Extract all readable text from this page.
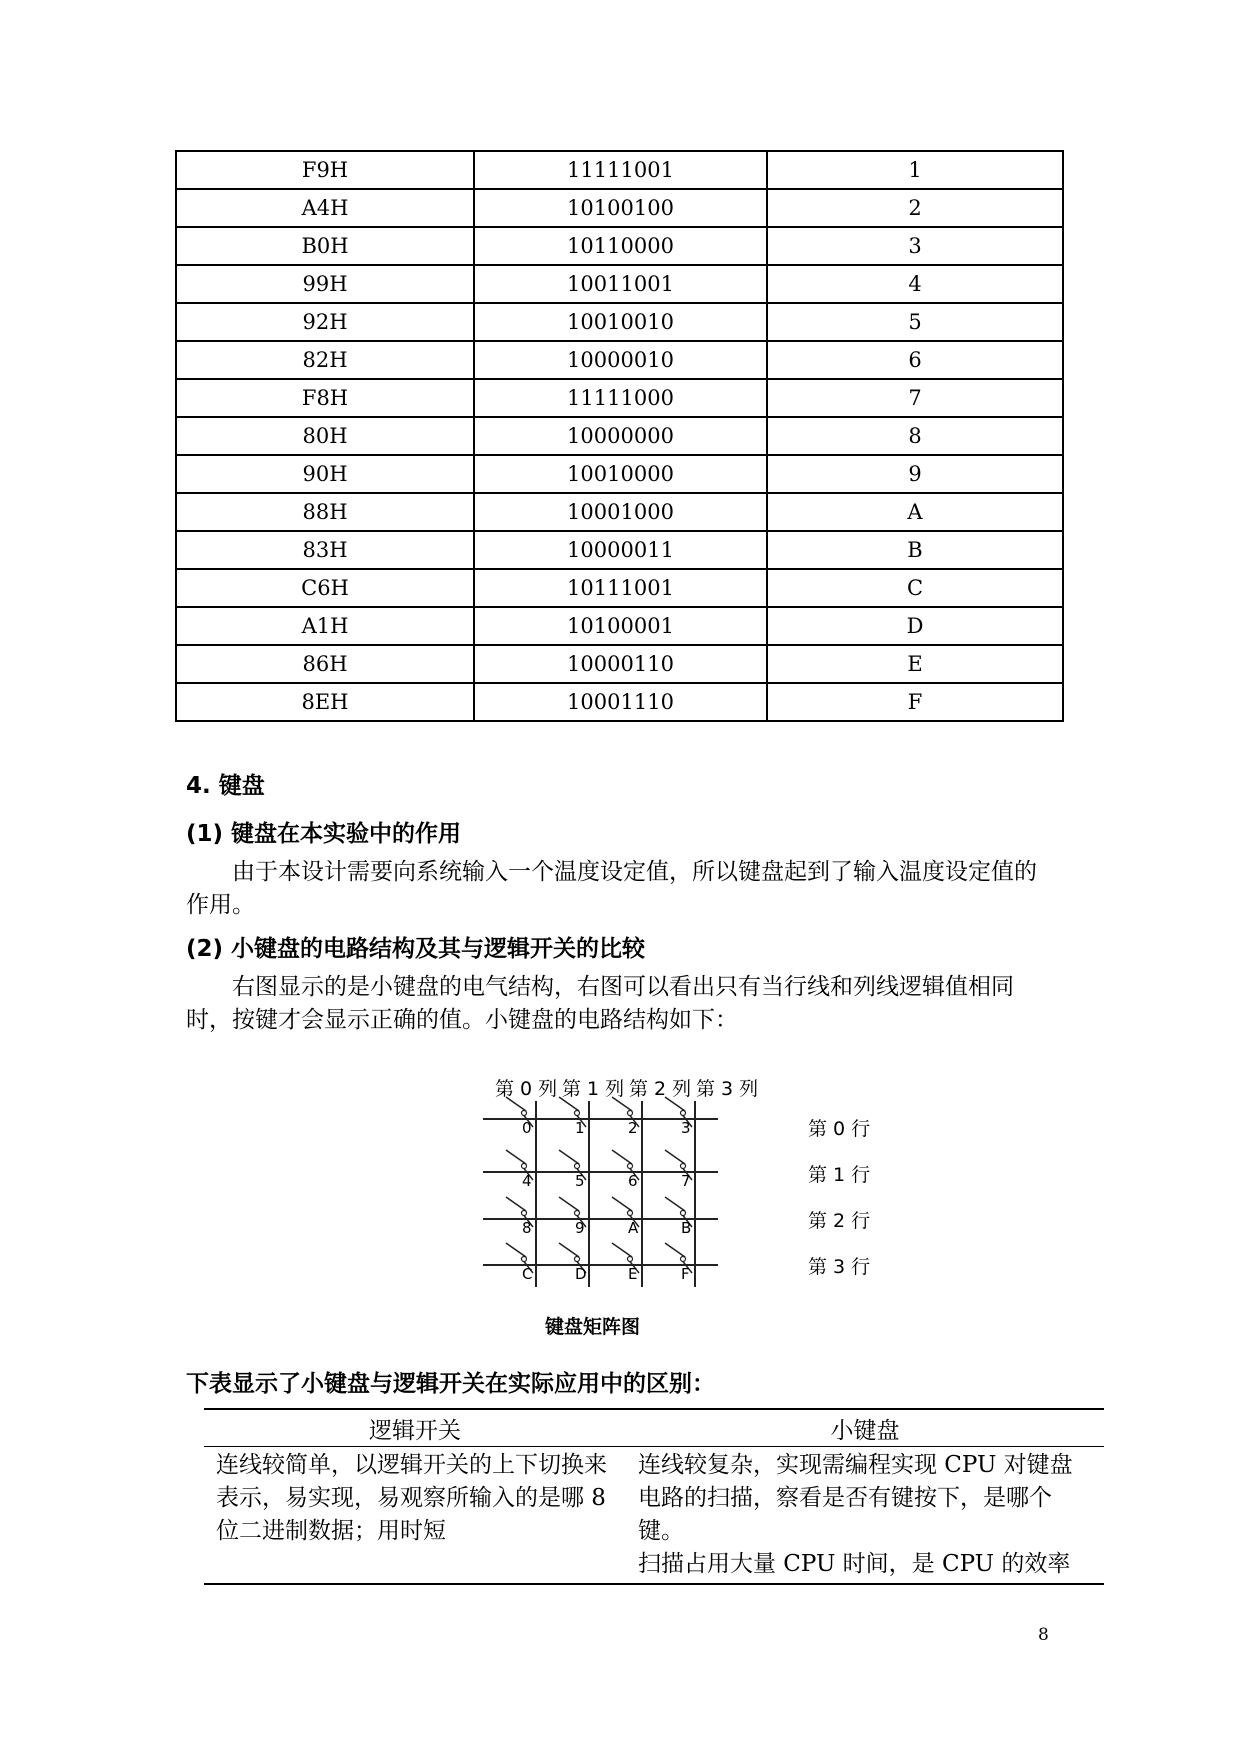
F9H	11111001	1
A4H	10100100	2
B0H	10110000	3
99H	10011001	4
92H	10010010	5
82H	10000010	6
F8H	11111000	7
80H	10000000	8
90H	10010000	9
88H	10001000	A
83H	10000011	B
C6H	10111001	C
A1H	10100001	D
86H	10000110	E
8EH	10001110	F
4. 键盘
(1) 键盘在本实验中的作用
由于本设计需要向系统输入一个温度设定值，所以键盘起到了输入温度设定值的作用。
(2) 小键盘的电路结构及其与逻辑开关的比较
右图显示的是小键盘的电气结构，右图可以看出只有当行线和列线逻辑值相同时，按键才会显示正确的值。小键盘的电路结构如下：
第 0 列 第 1 列 第 2 列 第 3 列
第 0 行
第 1 行
第 2 行
第 3 行
0	1	2	3
4	5	6	7
8	9	A	B
C	D	E	F
键盘矩阵图
下表显示了小键盘与逻辑开关在实际应用中的区别：
逻辑开关	小键盘
连线较简单，以逻辑开关的上下切换来表示，易实现，易观察所输入的是哪 8 位二进制数据；用时短	连线较复杂，实现需编程实现 CPU 对键盘电路的扫描，察看是否有键按下，是哪个键。
扫描占用大量 CPU 时间，是 CPU 的效率
8
